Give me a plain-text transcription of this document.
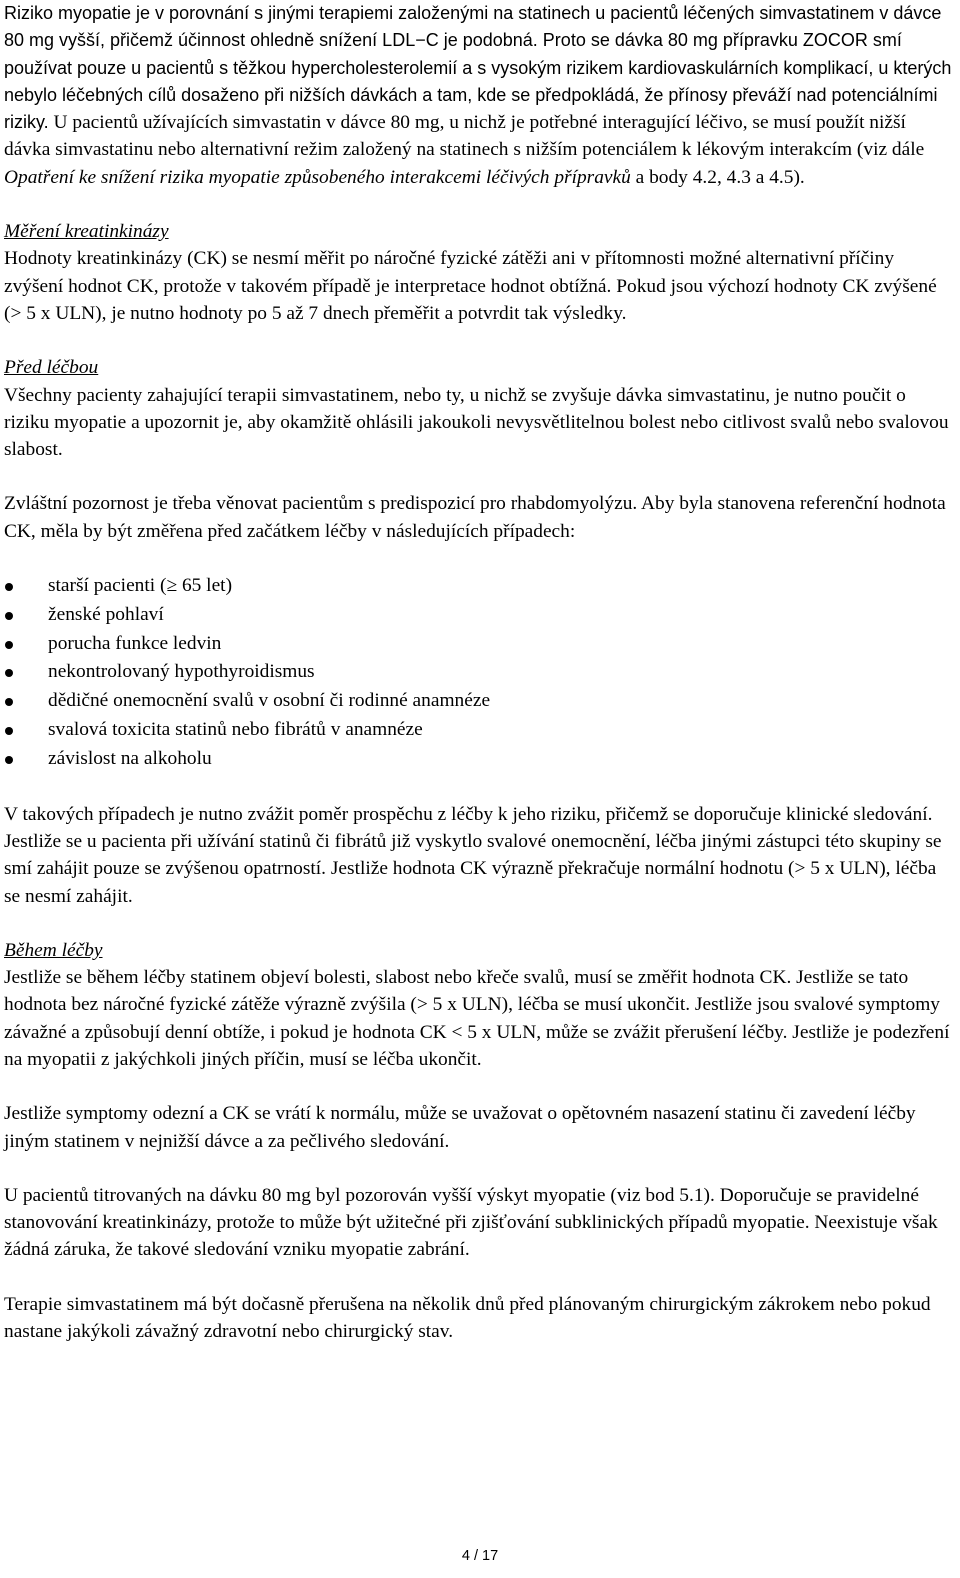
Riziko myopatie je v porovnání s jinými terapiemi založenými na statinech u pacientů léčených simvastatinem v dávce 80 mg vyšší, přičemž účinnost ohledně snížení LDL−C je podobná. Proto se dávka 80 mg přípravku ZOCOR smí používat pouze u pacientů s těžkou hypercholesterolemií a s vysokým rizikem kardiovaskulárních komplikací, u kterých nebylo léčebných cílů dosaženo při nižších dávkách a tam, kde se předpokládá, že přínosy převáží nad potenciálními riziky. U pacientů užívajících simvastatin v dávce 80 mg, u nichž je potřebné interagující léčivo, se musí použít nižší dávka simvastatinu nebo alternativní režim založený na statinech s nižším potenciálem k lékovým interakcím (viz dále Opatření ke snížení rizika myopatie způsobeného interakcemi léčivých přípravků a body 4.2, 4.3 a 4.5).

Měření kreatinkinázy

Hodnoty kreatinkinázy (CK) se nesmí měřit po náročné fyzické zátěži ani v přítomnosti možné alternativní příčiny zvýšení hodnot CK, protože v takovém případě je interpretace hodnot obtížná. Pokud jsou výchozí hodnoty CK zvýšené (> 5 x ULN), je nutno hodnoty po 5 až 7 dnech přeměřit a potvrdit tak výsledky.

Před léčbou

Všechny pacienty zahajující terapii simvastatinem, nebo ty, u nichž se zvyšuje dávka simvastatinu, je nutno poučit o riziku myopatie a upozornit je, aby okamžitě ohlásili jakoukoli nevysvětlitelnou bolest nebo citlivost svalů nebo svalovou slabost.

Zvláštní pozornost je třeba věnovat pacientům s predispozicí pro rhabdomyolýzu. Aby byla stanovena referenční hodnota CK, měla by být změřena před začátkem léčby v následujících případech:

starší pacienti (≥ 65 let)
ženské pohlaví
porucha funkce ledvin
nekontrolovaný hypothyroidismus
dědičné onemocnění svalů v osobní či rodinné anamnéze
svalová toxicita statinů nebo fibrátů v anamnéze
závislost na alkoholu

V takových případech je nutno zvážit poměr prospěchu z léčby k jeho riziku, přičemž se doporučuje klinické sledování. Jestliže se u pacienta při užívání statinů či fibrátů již vyskytlo svalové onemocnění, léčba jinými zástupci této skupiny se smí zahájit pouze se zvýšenou opatrností. Jestliže hodnota CK výrazně překračuje normální hodnotu (> 5 x ULN), léčba se nesmí zahájit.

Během léčby

Jestliže se během léčby statinem objeví bolesti, slabost nebo křeče svalů, musí se změřit hodnota CK. Jestliže se tato hodnota bez náročné fyzické zátěže výrazně zvýšila (> 5 x ULN), léčba se musí ukončit. Jestliže jsou svalové symptomy závažné a způsobují denní obtíže, i pokud je hodnota CK < 5 x ULN, může se zvážit přerušení léčby. Jestliže je podezření na myopatii z jakýchkoli jiných příčin, musí se léčba ukončit.

Jestliže symptomy odezní a CK se vrátí k normálu, může se uvažovat o opětovném nasazení statinu či zavedení léčby jiným statinem v nejnižší dávce a za pečlivého sledování.

U pacientů titrovaných na dávku 80 mg byl pozorován vyšší výskyt myopatie (viz bod 5.1). Doporučuje se pravidelné stanovování kreatinkinázy, protože to může být užitečné při zjišťování subklinických případů myopatie. Neexistuje však žádná záruka, že takové sledování vzniku myopatie zabrání.

Terapie simvastatinem má být dočasně přerušena na několik dnů před plánovaným chirurgickým zákrokem nebo pokud nastane jakýkoli závažný zdravotní nebo chirurgický stav.

4 / 17
